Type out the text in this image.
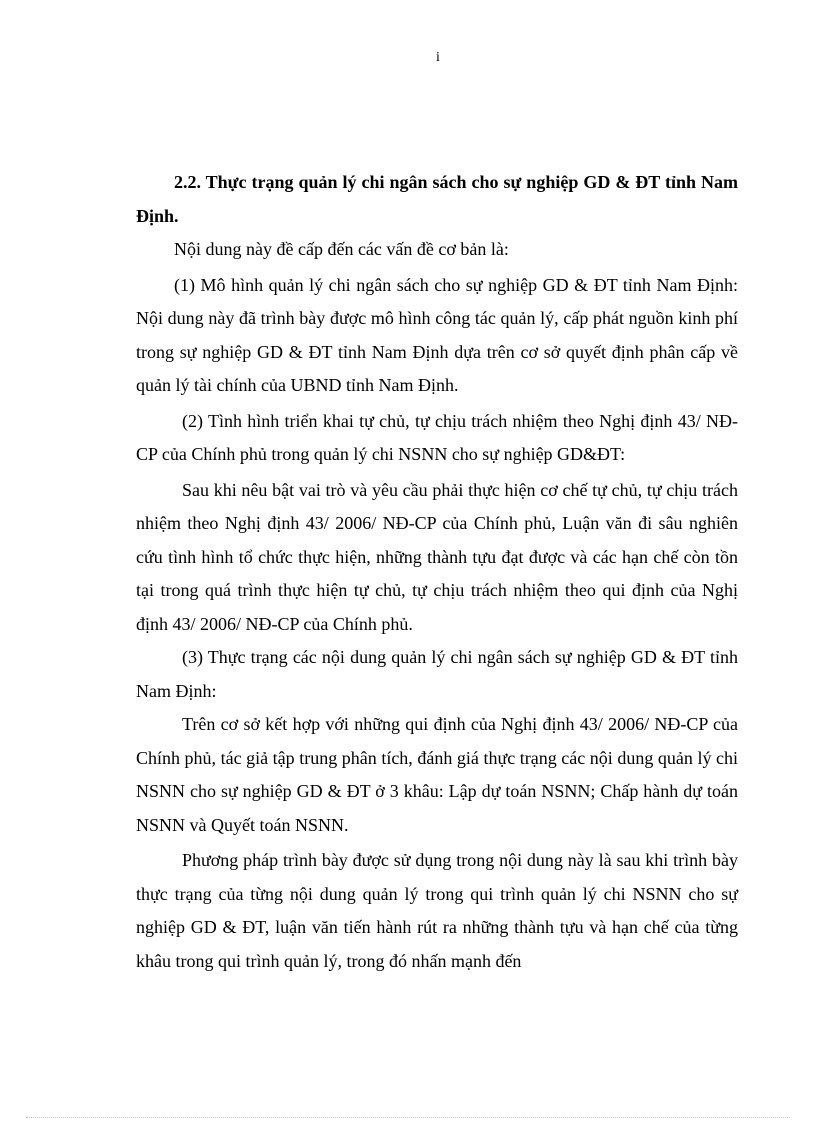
i

2.2. Thực trạng quản lý chi ngân sách cho sự nghiệp GD & ĐT tỉnh Nam Định.

Nội dung này đề cấp đến các vấn đề cơ bản là:

(1) Mô hình quản lý chi ngân sách cho sự nghiệp GD & ĐT tỉnh Nam Định: Nội dung này đã trình bày được mô hình công tác quản lý, cấp phát nguồn kinh phí trong sự nghiệp GD & ĐT tỉnh Nam Định dựa trên cơ sở quyết định phân cấp về quản lý tài chính của UBND tỉnh Nam Định.

(2) Tình hình triển khai tự chủ, tự chịu trách nhiệm theo Nghị định 43/ NĐ-CP của Chính phủ trong quản lý chi NSNN cho sự nghiệp GD&ĐT:

Sau khi nêu bật vai trò và yêu cầu phải thực hiện cơ chế tự chủ, tự chịu trách nhiệm theo Nghị định 43/ 2006/ NĐ-CP của Chính phủ, Luận văn đi sâu nghiên cứu tình hình tổ chức thực hiện, những thành tựu đạt được và các hạn chế còn tồn tại trong quá trình thực hiện tự chủ, tự chịu trách nhiệm theo qui định của Nghị định 43/ 2006/ NĐ-CP của Chính phủ.

(3) Thực trạng các nội dung quản lý chi ngân sách sự nghiệp GD & ĐT tỉnh Nam Định:

Trên cơ sở kết hợp với những qui định của Nghị định 43/ 2006/ NĐ-CP của Chính phủ, tác giả tập trung phân tích, đánh giá thực trạng các nội dung quản lý chi NSNN cho sự nghiệp GD & ĐT ở 3 khâu: Lập dự toán NSNN; Chấp hành dự toán NSNN và Quyết toán NSNN.

Phương pháp trình bày được sử dụng trong nội dung này là sau khi trình bày thực trạng của từng nội dung quản lý trong qui trình quản lý chi NSNN cho sự nghiệp GD & ĐT, luận văn tiến hành rút ra những thành tựu và hạn chế của từng khâu trong qui trình quản lý, trong đó nhấn mạnh đến
